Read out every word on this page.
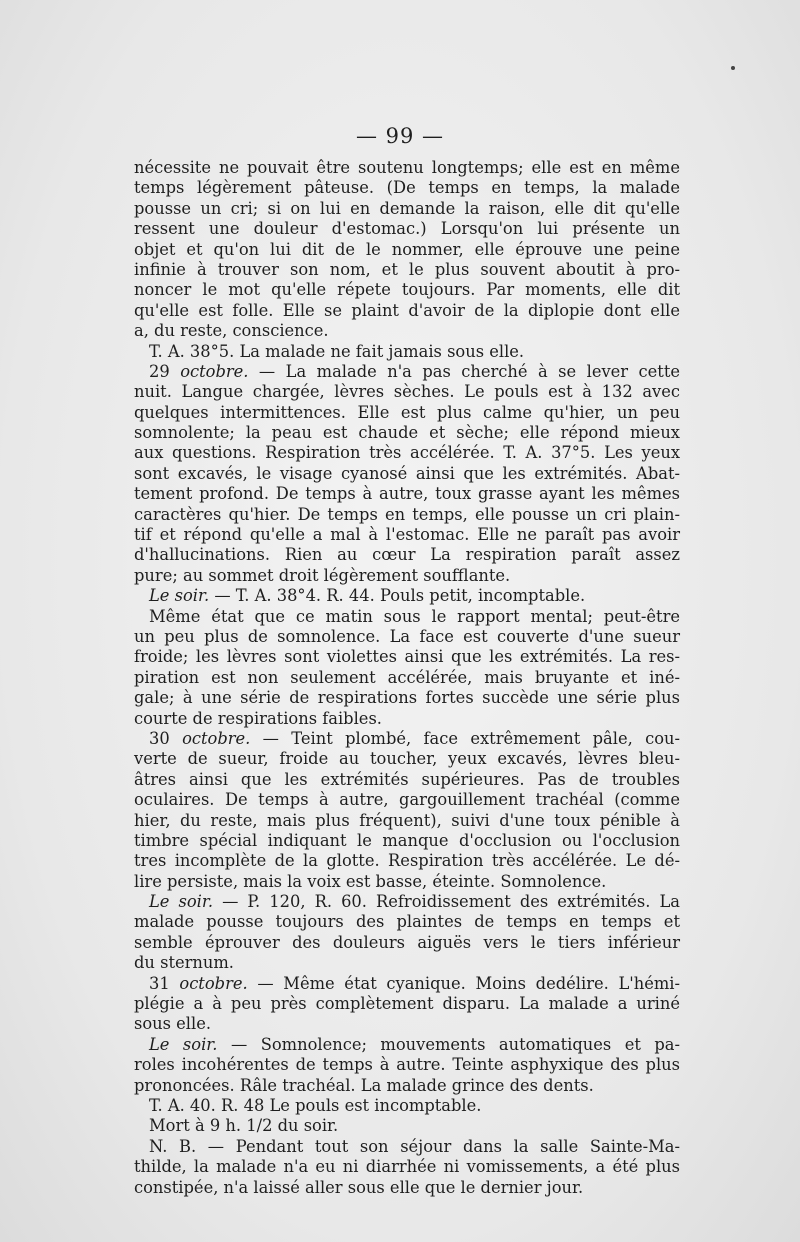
— 99 —
nécessite ne pouvait être soutenu longtemps; elle est en même
temps légèrement pâteuse. (De temps en temps, la malade
pousse un cri; si on lui en demande la raison, elle dit qu'elle
ressent une douleur d'estomac.) Lorsqu'on lui présente un
objet et qu'on lui dit de le nommer, elle éprouve une peine
infinie à trouver son nom, et le plus souvent aboutit à pro-
noncer le mot qu'elle répete toujours. Par moments, elle dit
qu'elle est folle. Elle se plaint d'avoir de la diplopie dont elle
a, du reste, conscience.
T. A. 38°5. La malade ne fait jamais sous elle.
29 octobre. — La malade n'a pas cherché à se lever cette
nuit. Langue chargée, lèvres sèches. Le pouls est à 132 avec
quelques intermittences. Elle est plus calme qu'hier, un peu
somnolente; la peau est chaude et sèche; elle répond mieux
aux questions. Respiration très accélérée. T. A. 37°5. Les yeux
sont excavés, le visage cyanosé ainsi que les extrémités. Abat-
tement profond. De temps à autre, toux grasse ayant les mêmes
caractères qu'hier. De temps en temps, elle pousse un cri plain-
tif et répond qu'elle a mal à l'estomac. Elle ne paraît pas avoir
d'hallucinations. Rien au cœur La respiration paraît assez
pure; au sommet droit légèrement soufflante.
Le soir. — T. A. 38°4. R. 44. Pouls petit, incomptable.
Même état que ce matin sous le rapport mental; peut-être
un peu plus de somnolence. La face est couverte d'une sueur
froide; les lèvres sont violettes ainsi que les extrémités. La res-
piration est non seulement accélérée, mais bruyante et iné-
gale; à une série de respirations fortes succède une série plus
courte de respirations faibles.
30 octobre. — Teint plombé, face extrêmement pâle, cou-
verte de sueur, froide au toucher, yeux excavés, lèvres bleu-
âtres ainsi que les extrémités supérieures. Pas de troubles
oculaires. De temps à autre, gargouillement trachéal (comme
hier, du reste, mais plus fréquent), suivi d'une toux pénible à
timbre spécial indiquant le manque d'occlusion ou l'occlusion
tres incomplète de la glotte. Respiration très accélérée. Le dé-
lire persiste, mais la voix est basse, éteinte. Somnolence.
Le soir. — P. 120, R. 60. Refroidissement des extrémités. La
malade pousse toujours des plaintes de temps en temps et
semble éprouver des douleurs aiguës vers le tiers inférieur
du sternum.
31 octobre. — Même état cyanique. Moins dedélire. L'hémi-
plégie a à peu près complètement disparu. La malade a uriné
sous elle.
Le soir. — Somnolence; mouvements automatiques et pa-
roles incohérentes de temps à autre. Teinte asphyxique des plus
prononcées. Râle trachéal. La malade grince des dents.
T. A. 40. R. 48 Le pouls est incomptable.
Mort à 9 h. 1/2 du soir.
N. B. — Pendant tout son séjour dans la salle Sainte-Ma-
thilde, la malade n'a eu ni diarrhée ni vomissements, a été plus
constipée, n'a laissé aller sous elle que le dernier jour.
